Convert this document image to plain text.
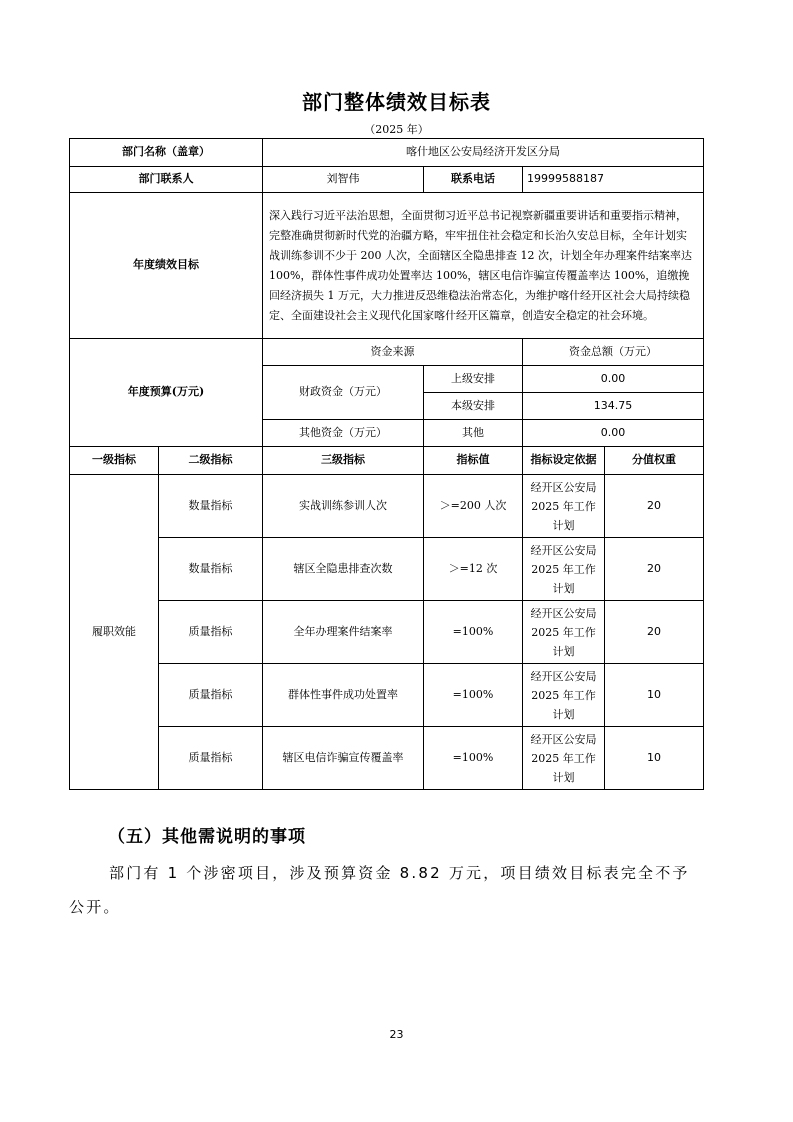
部门整体绩效目标表
（2025 年）
部门名称（盖章）		喀什地区公安局经济开发区分局			
部门联系人		刘智伟	联系电话	19999588187	
年度绩效目标		深入践行习近平法治思想，全面贯彻习近平总书记视察新疆重要讲话和重要指示精神，完整准确贯彻新时代党的治疆方略，牢牢扭住社会稳定和长治久安总目标，全年计划实战训练参训不少于 200 人次，全面辖区全隐患排查 12 次，计划全年办理案件结案率达 100%，群体性事件成功处置率达 100%，辖区电信诈骗宣传覆盖率达 100%，追缴挽回经济损失 1 万元，大力推进反恐维稳法治常态化，为维护喀什经开区社会大局持续稳定、全面建设社会主义现代化国家喀什经开区篇章，创造安全稳定的社会环境。			
年度预算(万元)		资金来源		资金总额（万元）	
		财政资金（万元）	上级安排	0.00	
			本级安排	134.75	
		其他资金（万元）	其他	0.00	
一级指标	二级指标	三级指标	指标值	指标设定依据	分值权重
履职效能	数量指标	实战训练参训人次	＞=200 人次	经开区公安局2025 年工作计划	20
	数量指标	辖区全隐患排查次数	＞=12 次	经开区公安局2025 年工作计划	20
	质量指标	全年办理案件结案率	=100%	经开区公安局2025 年工作计划	20
	质量指标	群体性事件成功处置率	=100%	经开区公安局2025 年工作计划	10
	质量指标	辖区电信诈骗宣传覆盖率	=100%	经开区公安局2025 年工作计划	10
（五）其他需说明的事项
部门有 1 个涉密项目，涉及预算资金 8.82 万元，项目绩效目标表完全不予公开。
23
